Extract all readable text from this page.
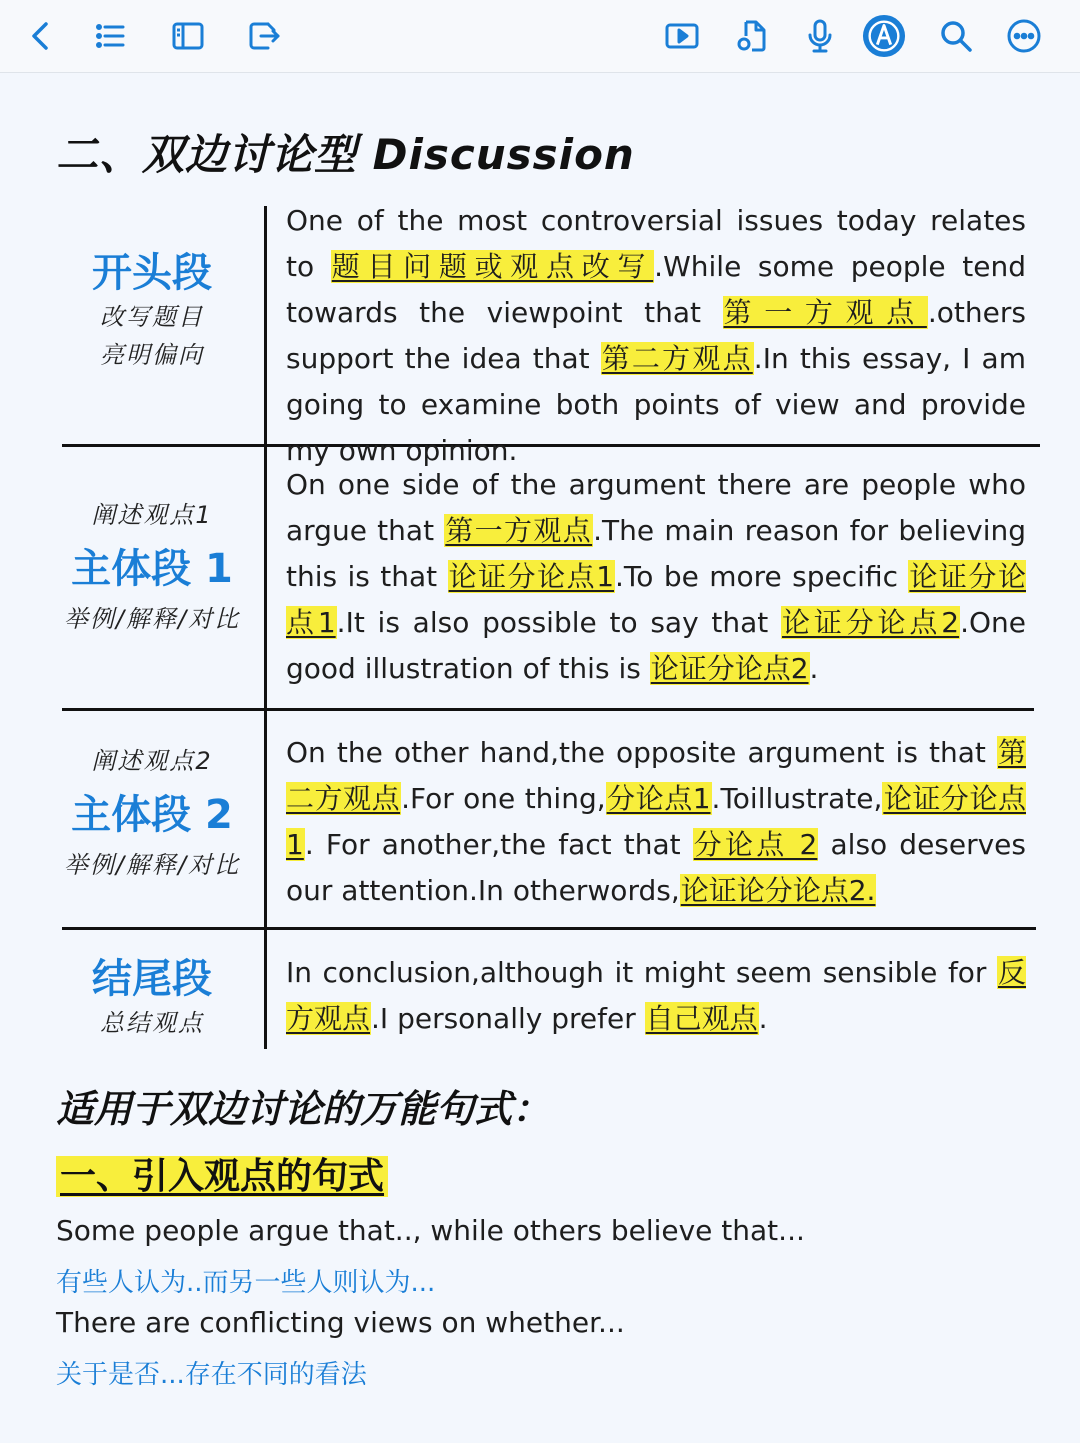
二、双边讨论型 Discussion
开头段
改写题目
亮明偏向
One of the most controversial issues today relates to 题目问题或观点改写.While some people tend towards the viewpoint that 第一方观点.others support the idea that 第二方观点.In this essay, I am going to examine both points of view and provide my own opinion.
阐述观点1
主体段 1
举例/解释/对比
On one side of the argument there are people who argue that 第一方观点.The main reason for believing this is that 论证分论点1.To be more specific 论证分论点1.It is also possible to say that 论证分论点2.One good illustration of this is 论证分论点2.
阐述观点2
主体段 2
举例/解释/对比
On the other hand,the opposite argument is that 第二方观点.For one thing,分论点1.Toillustrate,论证分论点1. For another,the fact that 分论点 2 also deserves our attention.In otherwords,论证论分论点2.
结尾段
总结观点
In conclusion,although it might seem sensible for 反方观点.I personally prefer 自己观点.
适用于双边讨论的万能句式：
一、引入观点的句式
Some people argue that.., while others believe that...
有些人认为..而另一些人则认为...
There are conflicting views on whether...
关于是否...存在不同的看法
